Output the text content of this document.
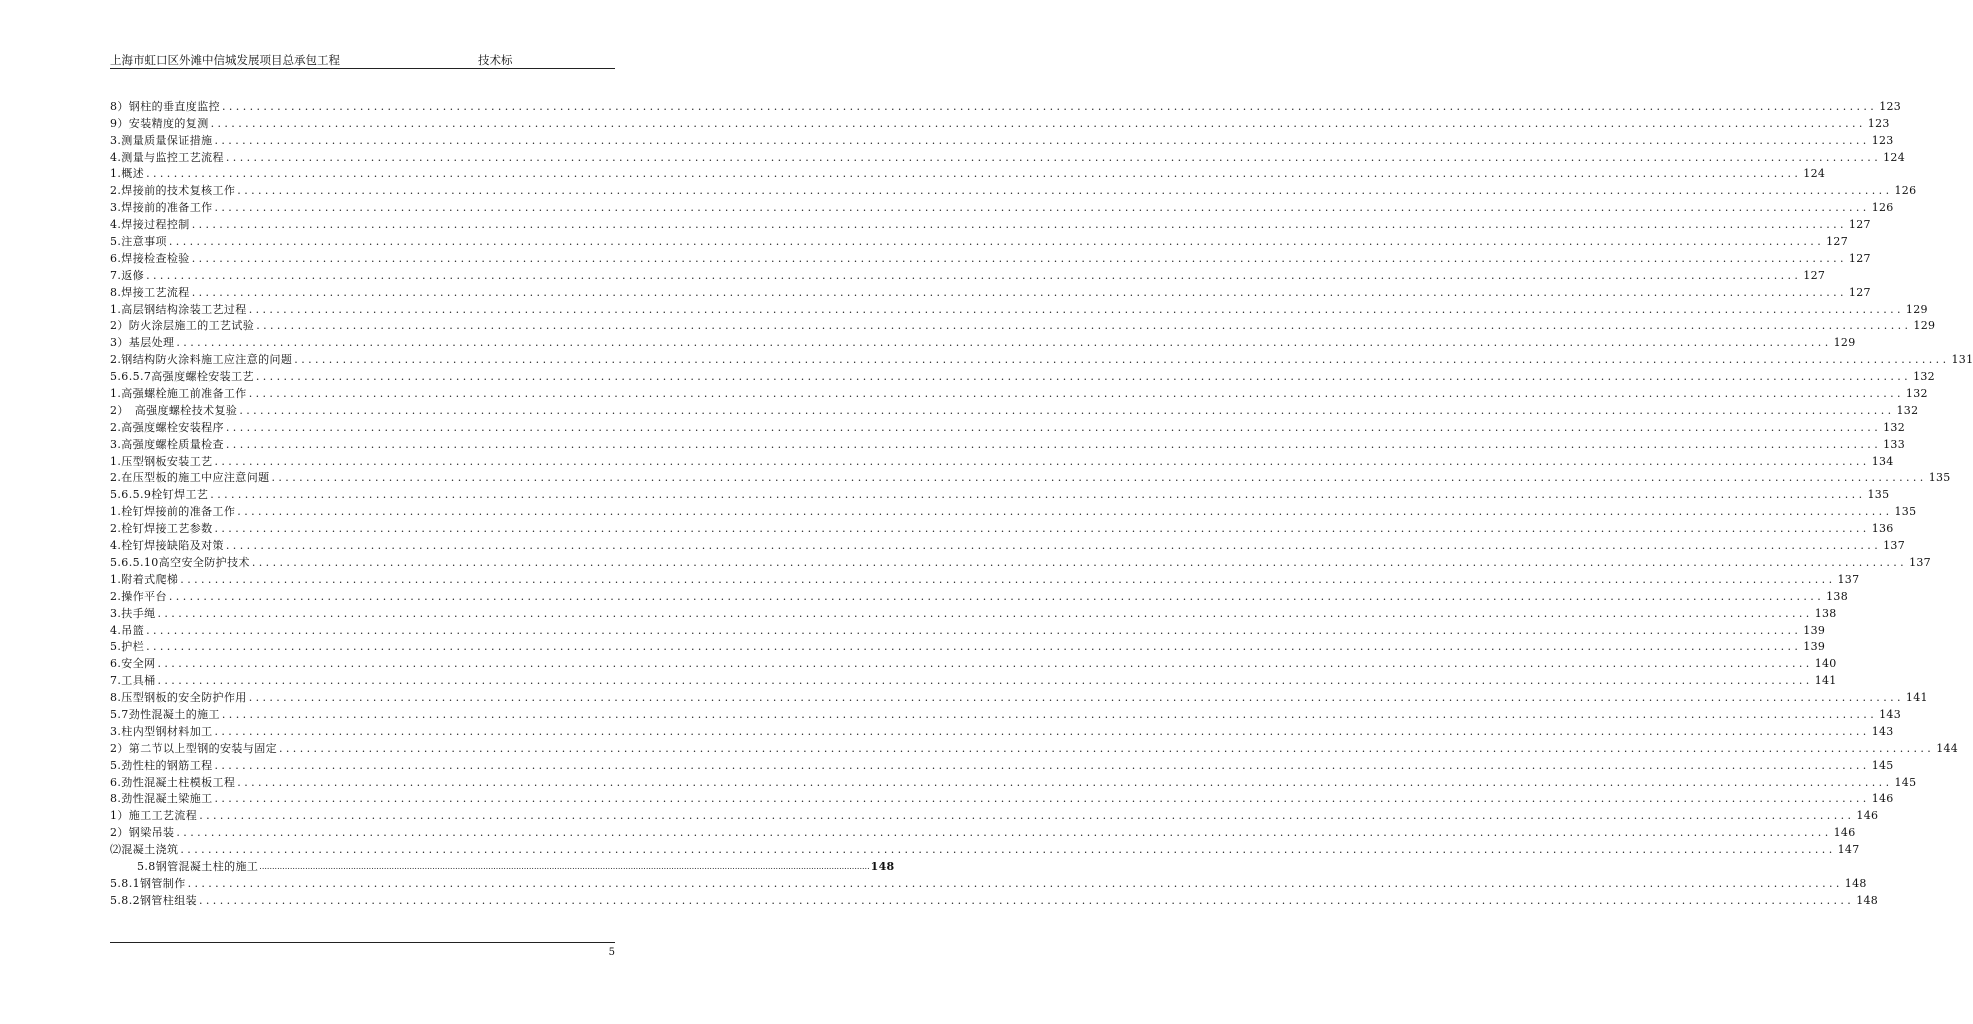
上海市虹口区外滩中信城发展项目总承包工程	技术标
8）钢柱的垂直度监控 ................................................................................................................................................................................................................................................ 123
9）安装精度的复测 ................................................................................................................................................................................................................................................ 123
3.测量质量保证措施 ................................................................................................................................................................................................................................................ 123
4.测量与监控工艺流程 ................................................................................................................................................................................................................................................ 124
1.概述 ................................................................................................................................................................................................................................................ 124
2.焊接前的技术复核工作 ................................................................................................................................................................................................................................................ 126
3.焊接前的准备工作 ................................................................................................................................................................................................................................................ 126
4.焊接过程控制 ................................................................................................................................................................................................................................................ 127
5.注意事项 ................................................................................................................................................................................................................................................ 127
6.焊接检查检验 ................................................................................................................................................................................................................................................ 127
7.返修 ................................................................................................................................................................................................................................................ 127
8.焊接工艺流程 ................................................................................................................................................................................................................................................ 127
1.高层钢结构涂装工艺过程 ................................................................................................................................................................................................................................................ 129
2）防火涂层施工的工艺试验 ................................................................................................................................................................................................................................................ 129
3）基层处理 ................................................................................................................................................................................................................................................ 129
2.钢结构防火涂料施工应注意的问题 ................................................................................................................................................................................................................................................ 131
5.6.5.7高强度螺栓安装工艺 ................................................................................................................................................................................................................................................ 132
1.高强螺栓施工前准备工作 ................................................................................................................................................................................................................................................ 132
2）　高强度螺栓技术复验 ................................................................................................................................................................................................................................................ 132
2.高强度螺栓安装程序 ................................................................................................................................................................................................................................................ 132
3.高强度螺栓质量检查 ................................................................................................................................................................................................................................................ 133
1.压型钢板安装工艺 ................................................................................................................................................................................................................................................ 134
2.在压型板的施工中应注意问题 ................................................................................................................................................................................................................................................ 135
5.6.5.9栓钉焊工艺 ................................................................................................................................................................................................................................................ 135
1.栓钉焊接前的准备工作 ................................................................................................................................................................................................................................................ 135
2.栓钉焊接工艺参数 ................................................................................................................................................................................................................................................ 136
4.栓钉焊接缺陷及对策 ................................................................................................................................................................................................................................................ 137
5.6.5.10高空安全防护技术 ................................................................................................................................................................................................................................................ 137
1.附着式爬梯 ................................................................................................................................................................................................................................................ 137
2.操作平台 ................................................................................................................................................................................................................................................ 138
3.扶手绳 ................................................................................................................................................................................................................................................ 138
4.吊篮 ................................................................................................................................................................................................................................................ 139
5.护栏 ................................................................................................................................................................................................................................................ 139
6.安全网 ................................................................................................................................................................................................................................................ 140
7.工具桶 ................................................................................................................................................................................................................................................ 141
8.压型钢板的安全防护作用 ................................................................................................................................................................................................................................................ 141
5.7劲性混凝土的施工 ................................................................................................................................................................................................................................................ 143
3.柱内型钢材料加工 ................................................................................................................................................................................................................................................ 143
2）第二节以上型钢的安装与固定 ................................................................................................................................................................................................................................................ 144
5.劲性柱的钢筋工程 ................................................................................................................................................................................................................................................ 145
6.劲性混凝土柱模板工程 ................................................................................................................................................................................................................................................ 145
8.劲性混凝土梁施工 ................................................................................................................................................................................................................................................ 146
1）施工工艺流程 ................................................................................................................................................................................................................................................ 146
2）钢梁吊装 ................................................................................................................................................................................................................................................ 146
⑵混凝土浇筑 ................................................................................................................................................................................................................................................ 147
5.8钢管混凝土柱的施工 ................................................................................................................................................................................................................................................ 148
5.8.1钢管制作 ................................................................................................................................................................................................................................................ 148
5.8.2钢管柱组装 ................................................................................................................................................................................................................................................ 148
5
